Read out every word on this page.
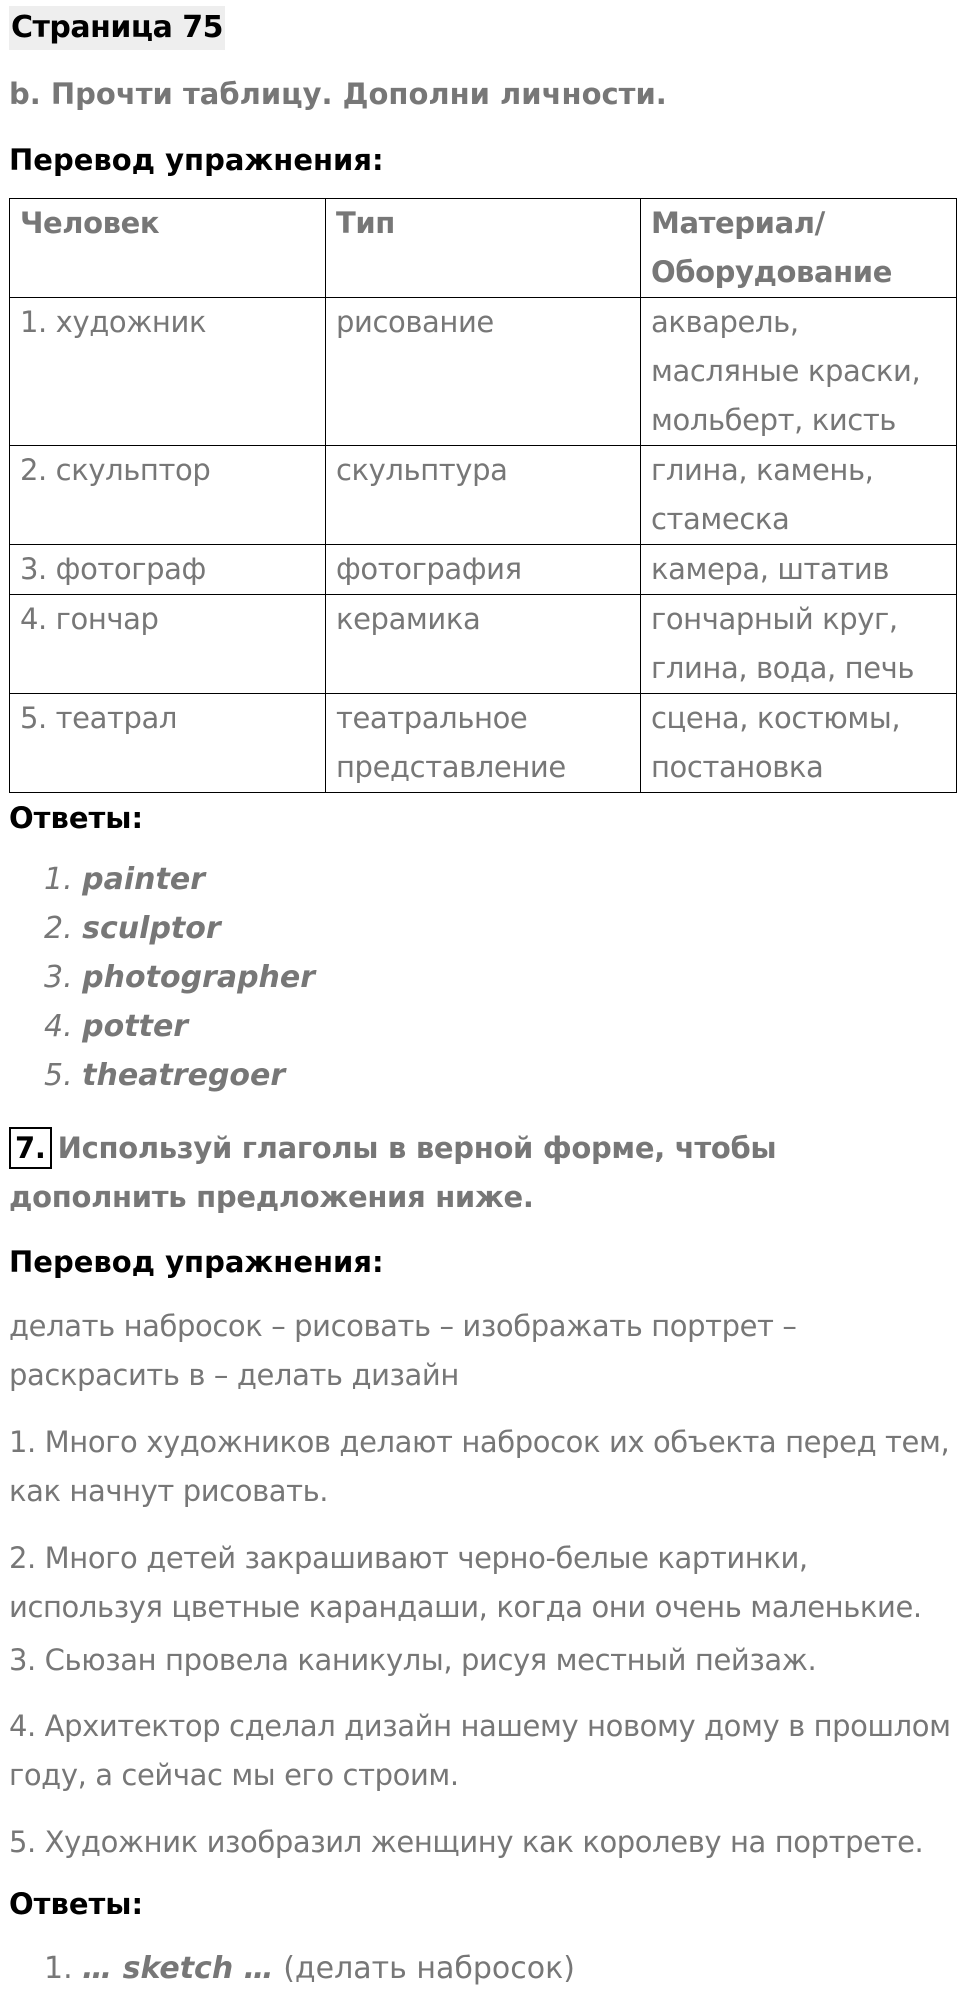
Страница 75
b. Прочти таблицу. Дополни личности.
Перевод упражнения:
Человек	Тип	Материал/ Оборудование
1. художник	рисование	акварель, масляные краски, мольберт, кисть
2. скульптор	скульптура	глина, камень, стамеска
3. фотограф	фотография	камера, штатив
4. гончар	керамика	гончарный круг, глина, вода, печь
5. театрал	театральное представление	сцена, костюмы, постановка
Ответы:
1. painter
2. sculptor
3. photographer
4. potter
5. theatregoer
7. Используй глаголы в верной форме, чтобы дополнить предложения ниже.
Перевод упражнения:
делать набросок – рисовать – изображать портрет – раскрасить в – делать дизайн
1. Много художников делают набросок их объекта перед тем, как начнут рисовать.
2. Много детей закрашивают черно-белые картинки, используя цветные карандаши, когда они очень маленькие.
3. Сьюзан провела каникулы, рисуя местный пейзаж.
4. Архитектор сделал дизайн нашему новому дому в прошлом году, а сейчас мы его строим.
5. Художник изобразил женщину как королеву на портрете.
Ответы:
1. … sketch … (делать набросок)
